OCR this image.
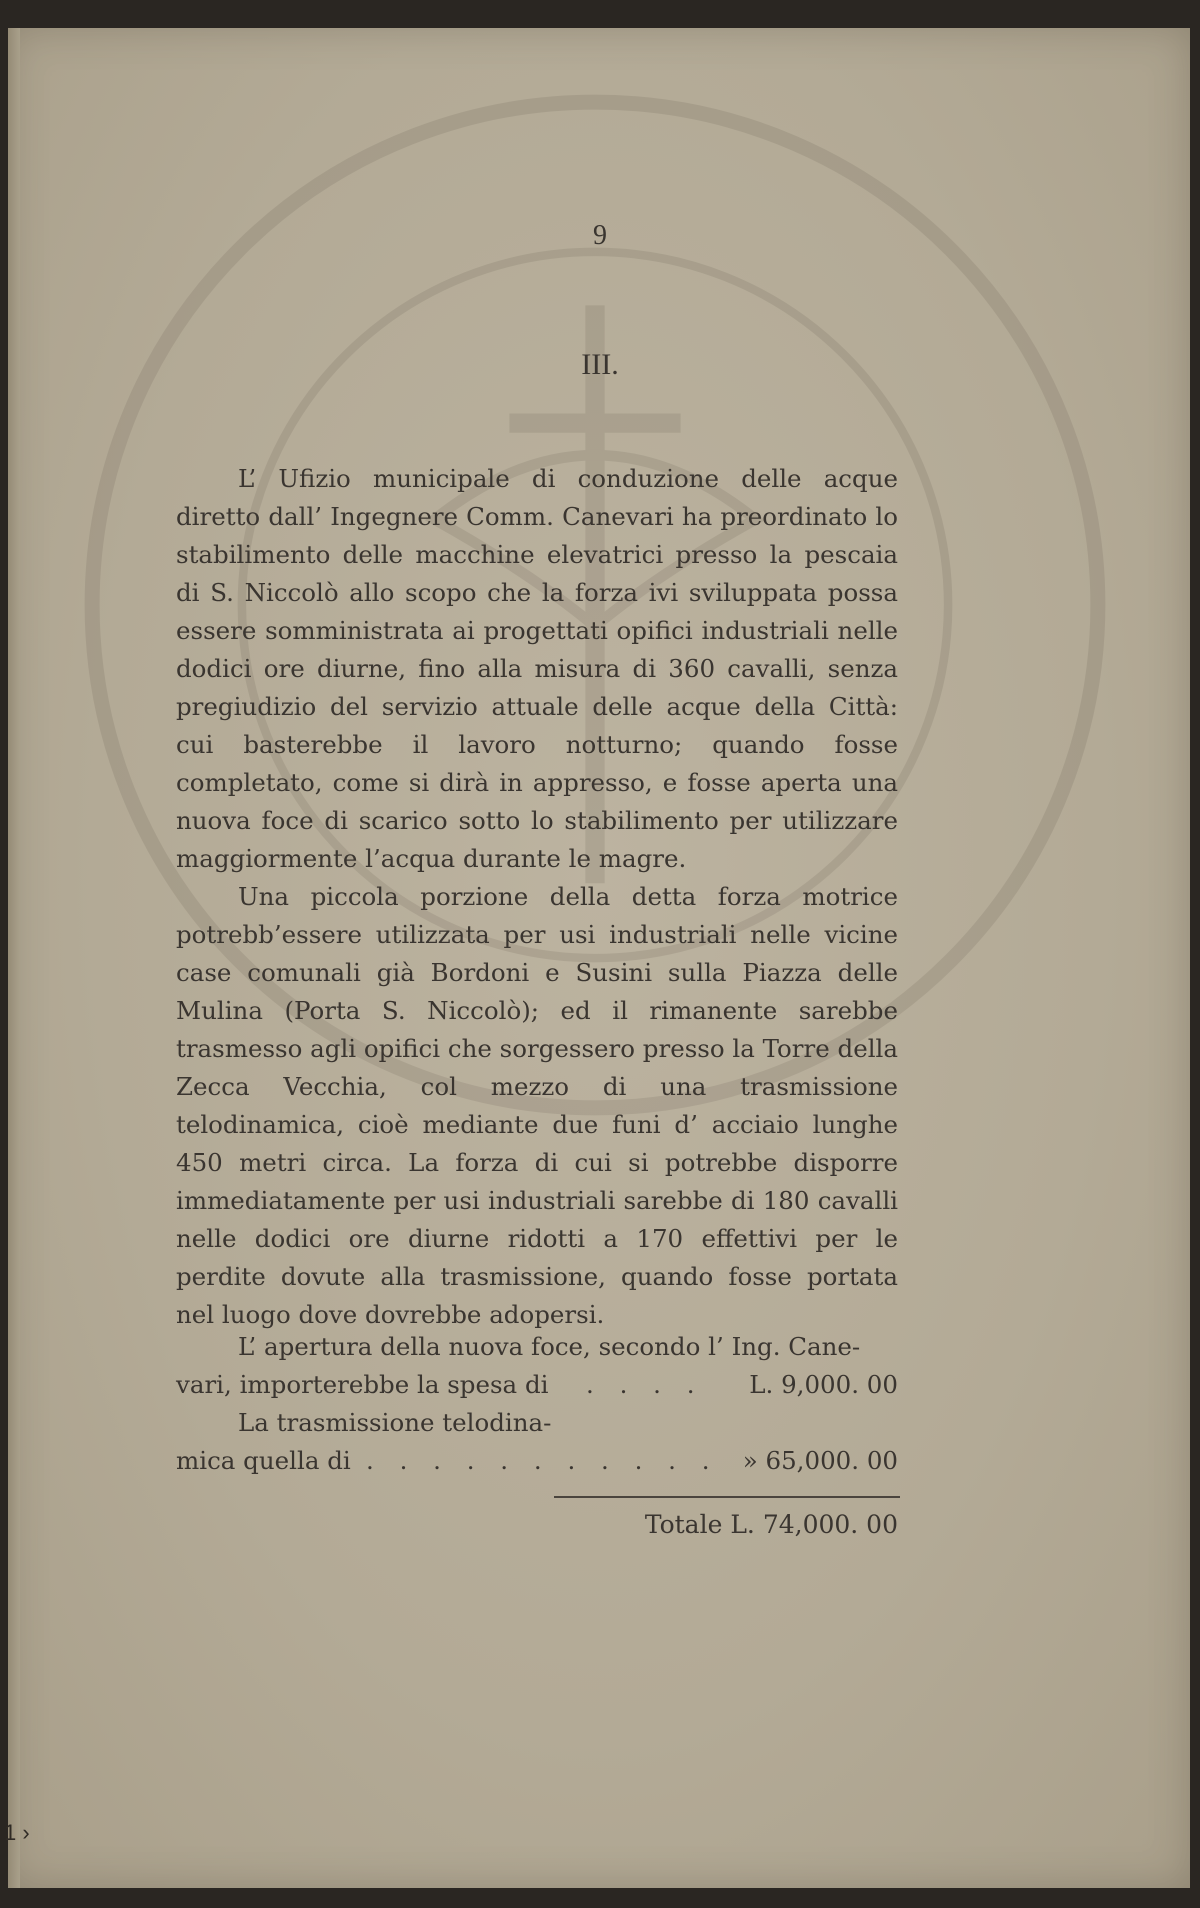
9
III.

L’ Ufizio municipale di conduzione delle acque diretto dall’ Ingegnere Comm. Canevari ha preordinato lo stabilimento delle macchine elevatrici presso la pescaia di S. Niccolò allo scopo che la forza ivi sviluppata possa essere somministrata ai progettati opifici industriali nelle dodici ore diurne, fino alla misura di 360 cavalli, senza pregiudizio del servizio attuale delle acque della Città: cui basterebbe il lavoro notturno; quando fosse completato, come si dirà in appresso, e fosse aperta una nuova foce di scarico sotto lo stabilimento per utilizzare maggiormente l’acqua durante le magre.

Una piccola porzione della detta forza motrice potrebb’essere utilizzata per usi industriali nelle vicine case comunali già Bordoni e Susini sulla Piazza delle Mulina (Porta S. Niccolò); ed il rimanente sarebbe trasmesso agli opifici che sorgessero presso la Torre della Zecca Vecchia, col mezzo di una trasmissione telodinamica, cioè mediante due funi d’ acciaio lunghe 450 metri circa. La forza di cui si potrebbe disporre immediatamente per usi industriali sarebbe di 180 cavalli nelle dodici ore diurne ridotti a 170 effettivi per le perdite dovute alla trasmissione, quando fosse portata nel luogo dove dovrebbe adopersi.

L’ apertura della nuova foce, secondo l’ Ing. Cane-
vari, importerebbe la spesa di . . . . L. 9,000. 00
La trasmissione telodina-
mica quella di . . . . . . . . . . . » 65,000. 00
Totale L. 74,000. 00
1 ›
